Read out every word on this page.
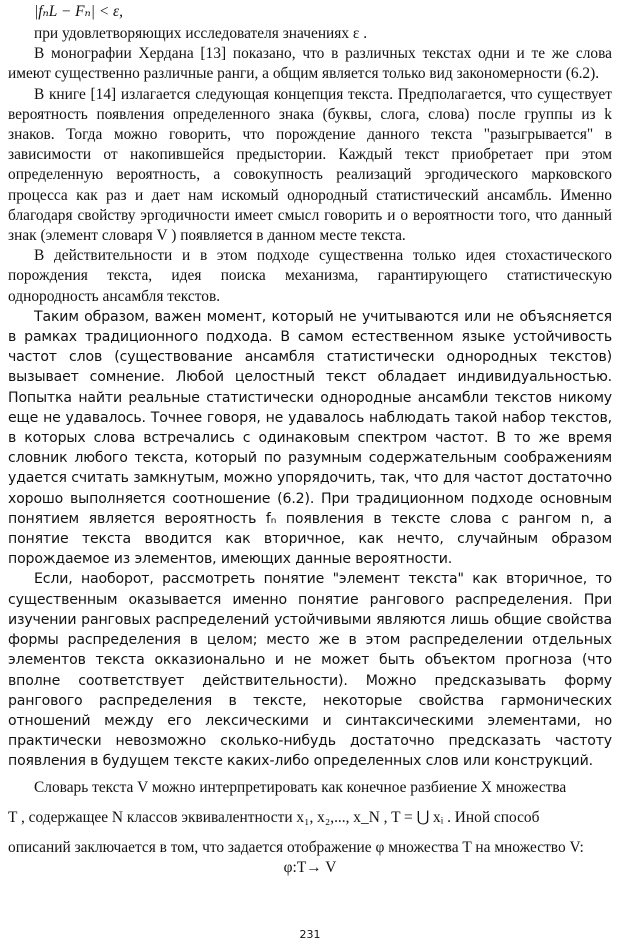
|fₙL − Fₙ| < ε,

при удовлетворяющих исследователя значениях ε .

В монографии Хердана [13] показано, что в различных текстах одни и те же слова имеют существенно различные ранги, а общим является только вид закономерности (6.2).

В книге [14] излагается следующая концепция текста. Предполагается, что существует вероятность появления определенного знака (буквы, слога, слова) после группы из k знаков. Тогда можно говорить, что порождение данного текста "разыгрывается" в зависимости от накопившейся предыстории. Каждый текст приобретает при этом определенную вероятность, а совокупность реализаций эргодического марковского процесса как раз и дает нам искомый однородный статистический ансамбль. Именно благодаря свойству эргодичности имеет смысл говорить и о вероятности того, что данный знак (элемент словаря V ) появляется в данном месте текста.

В действительности и в этом подходе существенна только идея стохастического порождения текста, идея поиска механизма, гарантирующего статистическую однородность ансамбля текстов.

Таким образом, важен момент, который не учитываются или не объясняется в рамках традиционного подхода. В самом естественном языке устойчивость частот слов (существование ансамбля статистически однородных текстов) вызывает сомнение. Любой целостный текст обладает индивидуальностью. Попытка найти реальные статистически однородные ансамбли текстов никому еще не удавалось. Точнее говоря, не удавалось наблюдать такой набор текстов, в которых слова встречались с одинаковым спектром частот. В то же время словник любого текста, который по разумным содержательным соображениям удается считать замкнутым, можно упорядочить, так, что для частот достаточно хорошо выполняется соотношение (6.2). При традиционном подходе основным понятием является вероятность fₙ появления в тексте слова с рангом n, а понятие текста вводится как вторичное, как нечто, случайным образом порождаемое из элементов, имеющих данные вероятности.

Если, наоборот, рассмотреть понятие "элемент текста" как вторичное, то существенным оказывается именно понятие рангового распределения. При изучении ранговых распределений устойчивыми являются лишь общие свойства формы распределения в целом; место же в этом распределении отдельных элементов текста окказионально и не может быть объектом прогноза (что вполне соответствует действительности). Можно предсказывать форму рангового распределения в тексте, некоторые свойства гармонических отношений между его лексическими и синтаксическими элементами, но практически невозможно сколько-нибудь достаточно предсказать частоту появления в будущем тексте каких-либо определенных слов или конструкций.

Словарь текста V можно интерпретировать как конечное разбиение X множества

T , содержащее N классов эквивалентности x₁, x₂,..., x_N , T = ⋃ xᵢ . Иной способ

описаний заключается в том, что задается отображение φ множества T на множество V:

φ:T→ V
231
